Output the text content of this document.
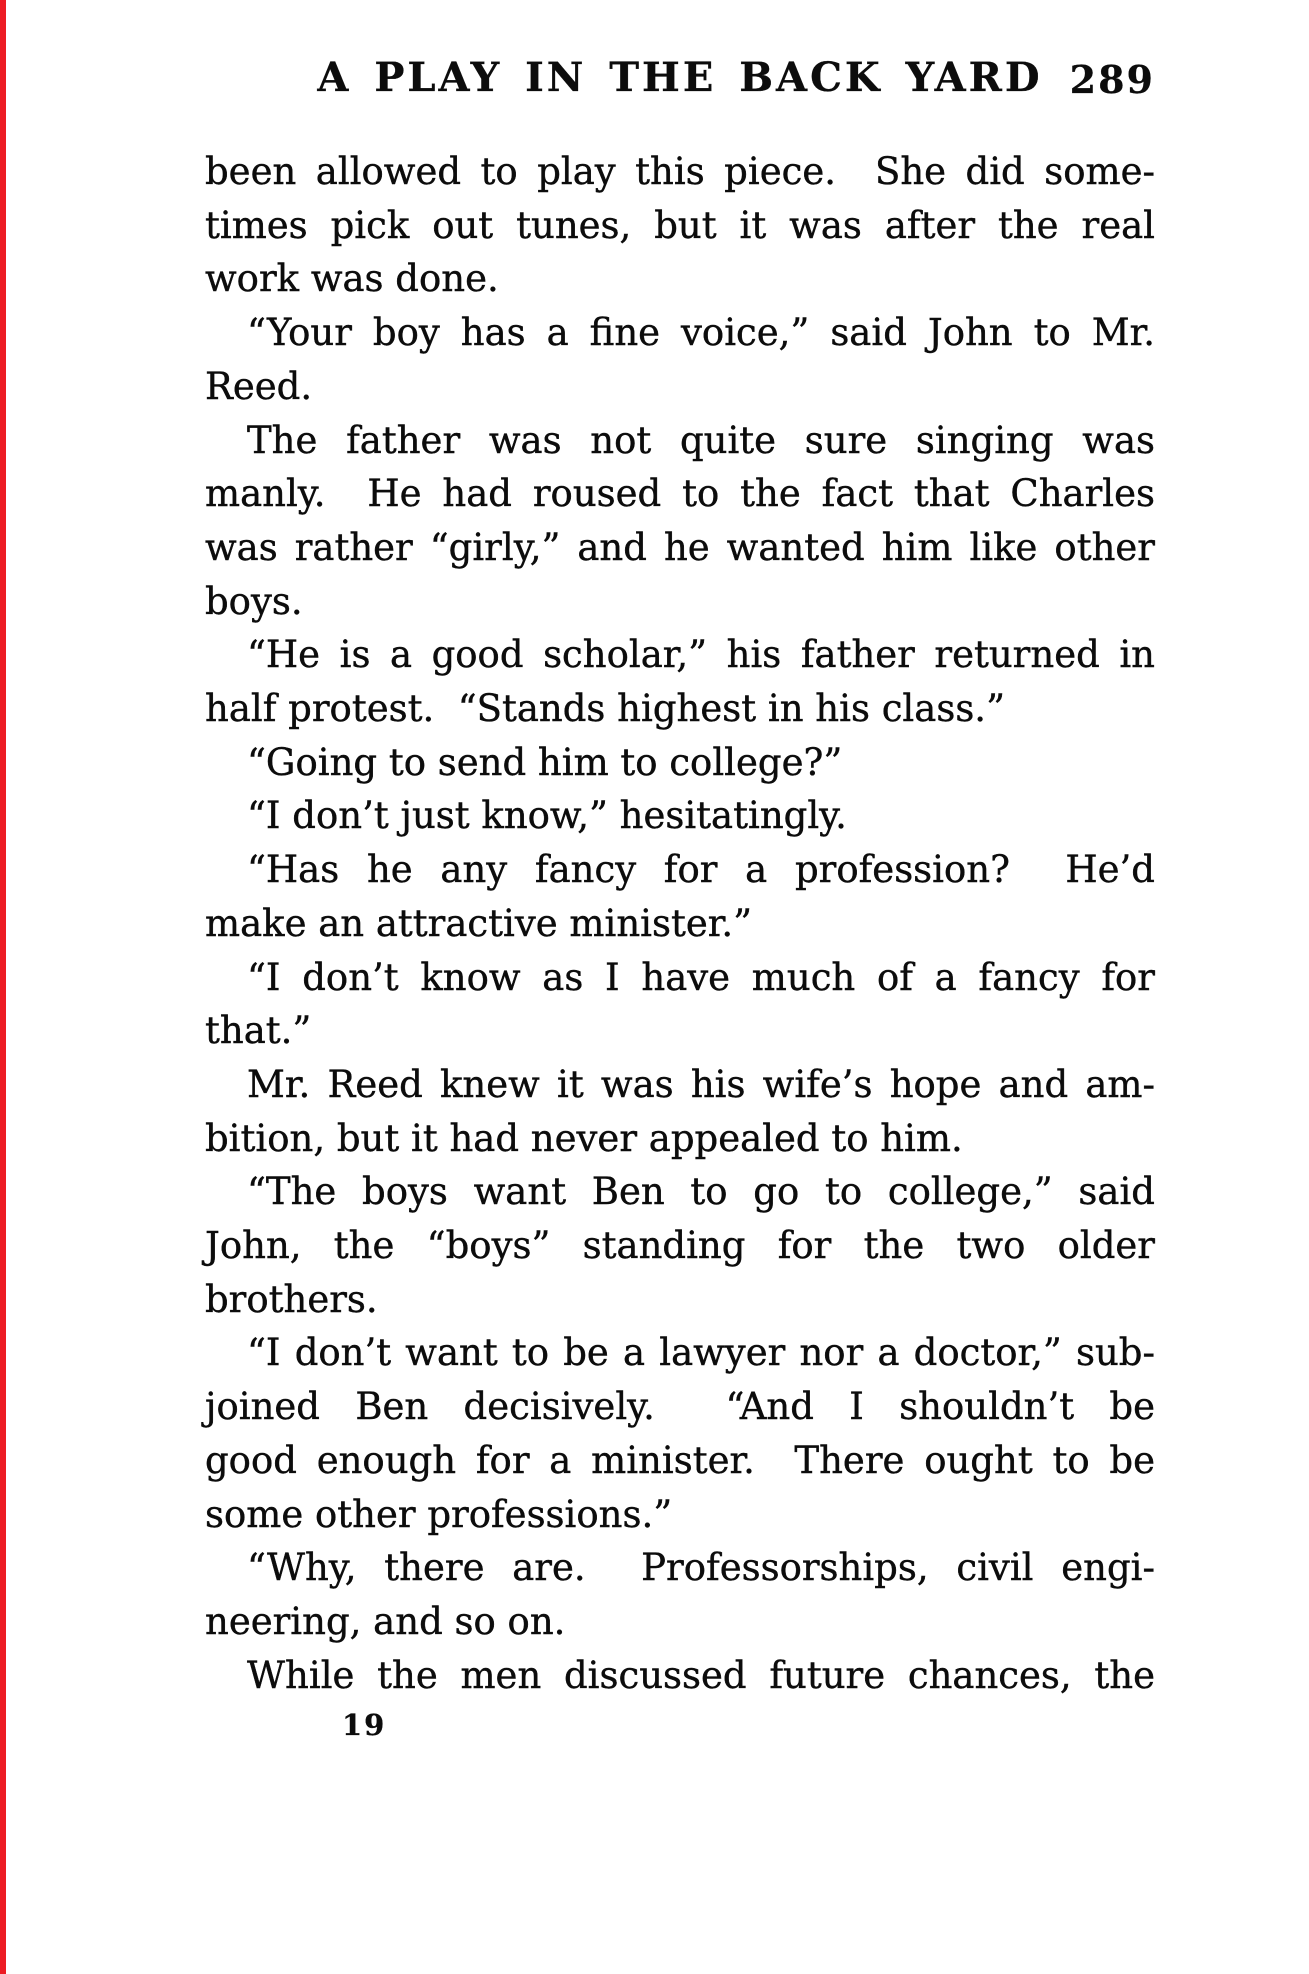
A PLAY IN THE BACK YARD 289
been allowed to play this piece.  She did some-
times pick out tunes, but it was after the real
work was done.
“Your boy has a fine voice,” said John to Mr.
Reed.
The father was not quite sure singing was
manly.  He had roused to the fact that Charles
was rather “girly,” and he wanted him like other
boys.
“He is a good scholar,” his father returned in
half protest.  “Stands highest in his class.”
“Going to send him to college?”
“I don’t just know,” hesitatingly.
“Has he any fancy for a profession?  He’d
make an attractive minister.”
“I don’t know as I have much of a fancy for
that.”
Mr. Reed knew it was his wife’s hope and am-
bition, but it had never appealed to him.
“The boys want Ben to go to college,” said
John, the “boys” standing for the two older
brothers.
“I don’t want to be a lawyer nor a doctor,” sub-
joined Ben decisively.  “And I shouldn’t be
good enough for a minister.  There ought to be
some other professions.”
“Why, there are.  Professorships, civil engi-
neering, and so on.
While the men discussed future chances, the
19
